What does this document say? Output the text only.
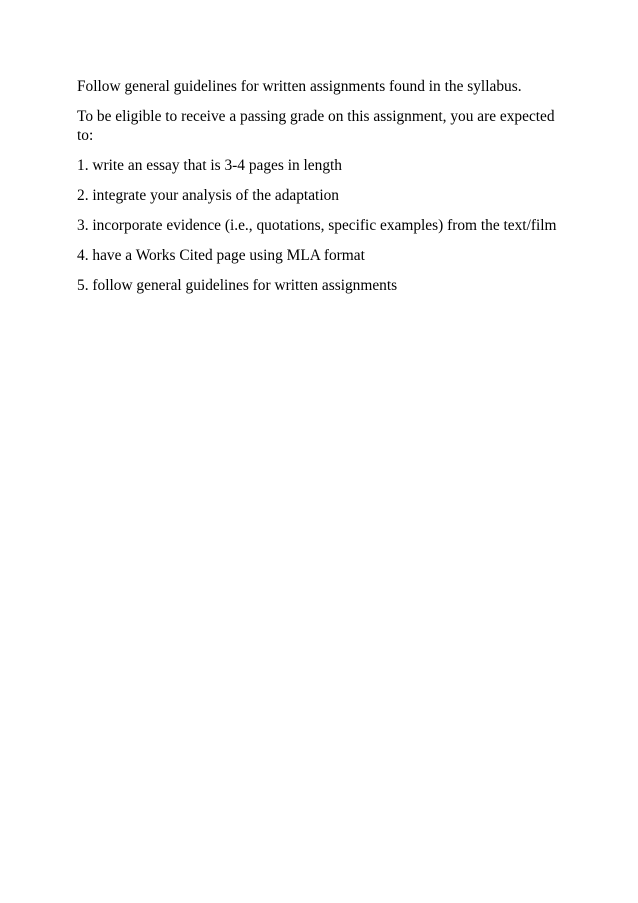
Follow general guidelines for written assignments found in the syllabus.

To be eligible to receive a passing grade on this assignment, you are expected to:

1. write an essay that is 3-4 pages in length
2. integrate your analysis of the adaptation
3. incorporate evidence (i.e., quotations, specific examples) from the text/film
4. have a Works Cited page using MLA format
5. follow general guidelines for written assignments
